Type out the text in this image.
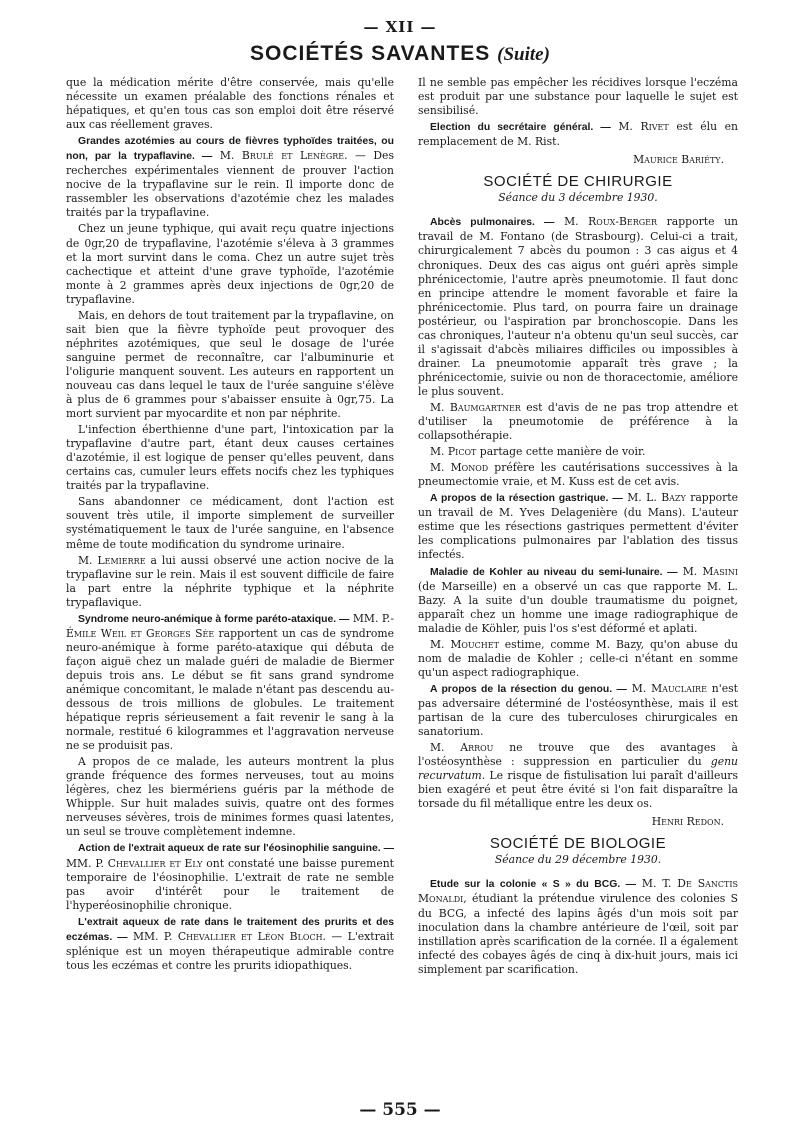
— XII —
SOCIÉTÉS SAVANTES (Suite)

que la médication mérite d'être conservée, mais qu'elle nécessite un examen préalable des fonctions rénales et hépatiques, et qu'en tous cas son emploi doit être réservé aux cas réellement graves.

Grandes azotémies au cours de fièvres typhoïdes traitées, ou non, par la trypaflavine. — M. Brulé et Lenègre. — Des recherches expérimentales viennent de prouver l'action nocive de la trypaflavine sur le rein. Il importe donc de rassembler les observations d'azotémie chez les malades traités par la trypaflavine.

Chez un jeune typhique, qui avait reçu quatre injections de 0gr,20 de trypaflavine, l'azotémie s'éleva à 3 grammes et la mort survint dans le coma. Chez un autre sujet très cachectique et atteint d'une grave typhoïde, l'azotémie monte à 2 grammes après deux injections de 0gr,20 de trypaflavine.

Mais, en dehors de tout traitement par la trypaflavine, on sait bien que la fièvre typhoïde peut provoquer des néphrites azotémiques, que seul le dosage de l'urée sanguine permet de reconnaître, car l'albuminurie et l'oligurie manquent souvent. Les auteurs en rapportent un nouveau cas dans lequel le taux de l'urée sanguine s'élève à plus de 6 grammes pour s'abaisser ensuite à 0gr,75. La mort survient par myocardite et non par néphrite.

L'infection éberthienne d'une part, l'intoxication par la trypaflavine d'autre part, étant deux causes certaines d'azotémie, il est logique de penser qu'elles peuvent, dans certains cas, cumuler leurs effets nocifs chez les typhiques traités par la trypaflavine.

Sans abandonner ce médicament, dont l'action est souvent très utile, il importe simplement de surveiller systématiquement le taux de l'urée sanguine, en l'absence même de toute modification du syndrome urinaire.

M. Lemierre a lui aussi observé une action nocive de la trypaflavine sur le rein. Mais il est souvent difficile de faire la part entre la néphrite typhique et la néphrite trypaflavique.

Syndrome neuro-anémique à forme paréto-ataxique. — MM. P.-Émile Weil et Georges Sée rapportent un cas de syndrome neuro-anémique à forme paréto-ataxique qui débuta de façon aiguë chez un malade guéri de maladie de Biermer depuis trois ans. Le début se fit sans grand syndrome anémique concomitant, le malade n'étant pas descendu au-dessous de trois millions de globules. Le traitement hépatique repris sérieusement a fait revenir le sang à la normale, restitué 6 kilogrammes et l'aggravation nerveuse ne se produisit pas.

A propos de ce malade, les auteurs montrent la plus grande fréquence des formes nerveuses, tout au moins légères, chez les biermériens guéris par la méthode de Whipple. Sur huit malades suivis, quatre ont des formes nerveuses sévères, trois de minimes formes quasi latentes, un seul se trouve complètement indemne.

Action de l'extrait aqueux de rate sur l'éosinophilie sanguine. — MM. P. Chevallier et Ely ont constaté une baisse purement temporaire de l'éosinophilie. L'extrait de rate ne semble pas avoir d'intérêt pour le traitement de l'hyperéosinophilie chronique.

L'extrait aqueux de rate dans le traitement des prurits et des eczémas. — MM. P. Chevallier et Léon Bloch. — L'extrait splénique est un moyen thérapeutique admirable contre tous les eczémas et contre les prurits idiopathiques.

Il ne semble pas empêcher les récidives lorsque l'eczéma est produit par une substance pour laquelle le sujet est sensibilisé.

Election du secrétaire général. — M. Rivet est élu en remplacement de M. Rist.

Maurice Bariéty.
SOCIÉTÉ DE CHIRURGIE
Séance du 3 décembre 1930.

Abcès pulmonaires. — M. Roux-Berger rapporte un travail de M. Fontano (de Strasbourg). Celui-ci a trait, chirurgicalement 7 abcès du poumon : 3 cas aigus et 4 chroniques. Deux des cas aigus ont guéri après simple phrénicectomie, l'autre après pneumotomie. Il faut donc en principe attendre le moment favorable et faire la phrénicectomie. Plus tard, on pourra faire un drainage postérieur, ou l'aspiration par bronchoscopie. Dans les cas chroniques, l'auteur n'a obtenu qu'un seul succès, car il s'agissait d'abcès miliaires difficiles ou impossibles à drainer. La pneumotomie apparaît très grave ; la phrénicectomie, suivie ou non de thoracectomie, améliore le plus souvent.

M. Baumgartner est d'avis de ne pas trop attendre et d'utiliser la pneumotomie de préférence à la collapsothérapie.

M. Picot partage cette manière de voir.

M. Monod préfère les cautérisations successives à la pneumectomie vraie, et M. Kuss est de cet avis.

A propos de la résection gastrique. — M. L. Bazy rapporte un travail de M. Yves Delagenière (du Mans). L'auteur estime que les résections gastriques permettent d'éviter les complications pulmonaires par l'ablation des tissus infectés.

Maladie de Kohler au niveau du semi-lunaire. — M. Masini (de Marseille) en a observé un cas que rapporte M. L. Bazy. A la suite d'un double traumatisme du poignet, apparaît chez un homme une image radiographique de maladie de Köhler, puis l'os s'est déformé et aplati.

M. Mouchet estime, comme M. Bazy, qu'on abuse du nom de maladie de Kohler ; celle-ci n'étant en somme qu'un aspect radiographique.

A propos de la résection du genou. — M. Mauclaire n'est pas adversaire déterminé de l'ostéosynthèse, mais il est partisan de la cure des tuberculoses chirurgicales en sanatorium.

M. Arrou ne trouve que des avantages à l'ostéosynthèse : suppression en particulier du genu recurvatum. Le risque de fistulisation lui paraît d'ailleurs bien exagéré et peut être évité si l'on fait disparaître la torsade du fil métallique entre les deux os.

Henri Redon.
SOCIÉTÉ DE BIOLOGIE
Séance du 29 décembre 1930.

Etude sur la colonie « S » du BCG. — M. T. De Sanctis Monaldi, étudiant la prétendue virulence des colonies S du BCG, a infecté des lapins âgés d'un mois soit par inoculation dans la chambre antérieure de l'œil, soit par instillation après scarification de la cornée. Il a également infecté des cobayes âgés de cinq à dix-huit jours, mais ici simplement par scarification.

— 555 —
